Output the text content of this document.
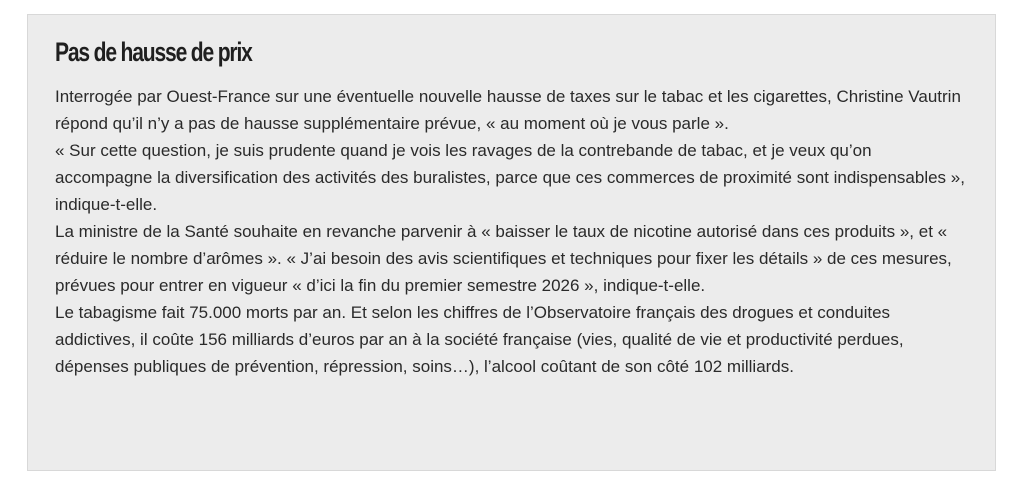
Pas de hausse de prix

Interrogée par Ouest-France sur une éventuelle nouvelle hausse de taxes sur le tabac et les cigarettes, Christine Vautrin répond qu’il n’y a pas de hausse supplémentaire prévue, « au moment où je vous parle ».

« Sur cette question, je suis prudente quand je vois les ravages de la contrebande de tabac, et je veux qu’on accompagne la diversification des activités des buralistes, parce que ces commerces de proximité sont indispensables », indique-t-elle.

La ministre de la Santé souhaite en revanche parvenir à « baisser le taux de nicotine autorisé dans ces produits », et « réduire le nombre d’arômes ». « J’ai besoin des avis scientifiques et techniques pour fixer les détails » de ces mesures, prévues pour entrer en vigueur « d’ici la fin du premier semestre 2026 », indique-t-elle.

Le tabagisme fait 75.000 morts par an. Et selon les chiffres de l’Observatoire français des drogues et conduites addictives, il coûte 156 milliards d’euros par an à la société française (vies, qualité de vie et productivité perdues, dépenses publiques de prévention, répression, soins…), l’alcool coûtant de son côté 102 milliards.
